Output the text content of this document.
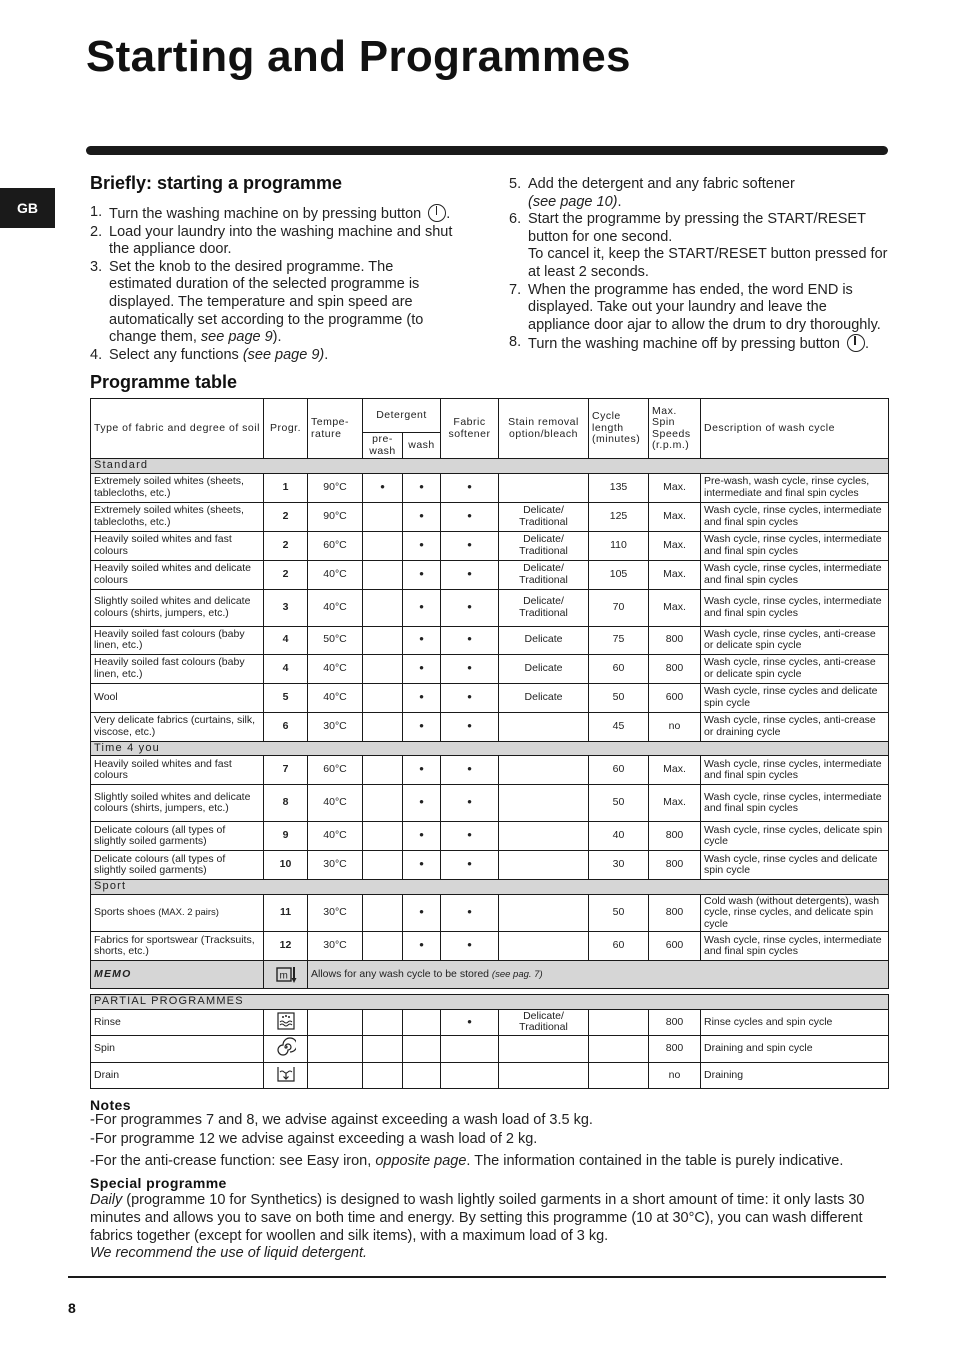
Starting and Programmes
GB
Briefly: starting a programme
1. Turn the washing machine on by pressing button .
2. Load your laundry into the washing machine and shut the appliance door.
3. Set the knob to the desired programme. The estimated duration of the selected programme is displayed. The temperature and spin speed are automatically set according to the programme (to change them, see page 9).
4. Select any functions (see page 9).
5. Add the detergent and any fabric softener
(see page 10).
6. Start the programme by pressing the START/RESET button for one second.
To cancel it, keep the START/RESET button pressed for at least 2 seconds.
7. When the programme has ended, the word END is displayed. Take out your laundry and leave the appliance door ajar to allow the drum to dry thoroughly.
8. Turn the washing machine off by pressing button .
Programme table
Type of fabric and degree of soil	Progr.	Tempe-rature	Detergent		Fabric softener	Stain removal option/bleach	Cycle length (minutes)	Max. Spin Speeds (r.p.m.)	Description of wash cycle
			pre-wash	wash					
Standard									
Extremely soiled whites (sheets, tablecloths, etc.)	1	90°C	•	•	•		135	Max.	Pre-wash, wash cycle, rinse cycles, intermediate and final spin cycles
Extremely soiled whites (sheets, tablecloths, etc.)	2	90°C		•	•	Delicate/ Traditional	125	Max.	Wash cycle, rinse cycles, intermediate and final spin cycles
Heavily soiled whites and fast colours	2	60°C		•	•	Delicate/ Traditional	110	Max.	Wash cycle, rinse cycles, intermediate and final spin cycles
Heavily soiled whites and delicate colours	2	40°C		•	•	Delicate/ Traditional	105	Max.	Wash cycle, rinse cycles, intermediate and final spin cycles
Slightly soiled whites and delicate colours (shirts, jumpers, etc.)	3	40°C		•	•	Delicate/ Traditional	70	Max.	Wash cycle, rinse cycles, intermediate and final spin cycles
Heavily soiled fast colours (baby linen, etc.)	4	50°C		•	•	Delicate	75	800	Wash cycle, rinse cycles, anti-crease or delicate spin cycle
Heavily soiled fast colours (baby linen, etc.)	4	40°C		•	•	Delicate	60	800	Wash cycle, rinse cycles, anti-crease or delicate spin cycle
Wool	5	40°C		•	•	Delicate	50	600	Wash cycle, rinse cycles and delicate spin cycle
Very delicate fabrics (curtains, silk, viscose, etc.)	6	30°C		•	•		45	no	Wash cycle, rinse cycles, anti-crease or draining cycle
Time 4 you									
Heavily soiled whites and fast colours	7	60°C		•	•		60	Max.	Wash cycle, rinse cycles, intermediate and final spin cycles
Slightly soiled whites and delicate colours (shirts, jumpers, etc.)	8	40°C		•	•		50	Max.	Wash cycle, rinse cycles, intermediate and final spin cycles
Delicate colours (all types of slightly soiled garments)	9	40°C		•	•		40	800	Wash cycle, rinse cycles, delicate spin cycle
Delicate colours (all types of slightly soiled garments)	10	30°C		•	•		30	800	Wash cycle, rinse cycles and delicate spin cycle
Sport									
Sports shoes (MAX. 2 pairs)	11	30°C		•	•		50	800	Cold wash (without detergents), wash cycle, rinse cycles, and delicate spin cycle
Fabrics for sportswear (Tracksuits, shorts, etc.)	12	30°C		•	•		60	600	Wash cycle, rinse cycles, intermediate and final spin cycles
MEMO	m	Allows for any wash cycle to be stored (see pag. 7)							

PARTIAL PROGRAMMES									
Rinse					•	Delicate/ Traditional		800	Rinse cycles and spin cycle
Spin								800	Draining and spin cycle
Drain								no	Draining
Notes
-For programmes 7 and 8, we advise against exceeding a wash load of 3.5 kg.
-For programme 12 we advise against exceeding a wash load of 2 kg.
-For the anti-crease function: see Easy iron, opposite page. The information contained in the table is purely indicative.
Special programme
Daily (programme 10 for Synthetics) is designed to wash lightly soiled garments in a short amount of time: it only lasts 30 minutes and allows you to save on both time and energy. By setting this programme (10 at 30°C), you can wash different fabrics together (except for woollen and silk items), with a maximum load of 3 kg.
We recommend the use of liquid detergent.
8
